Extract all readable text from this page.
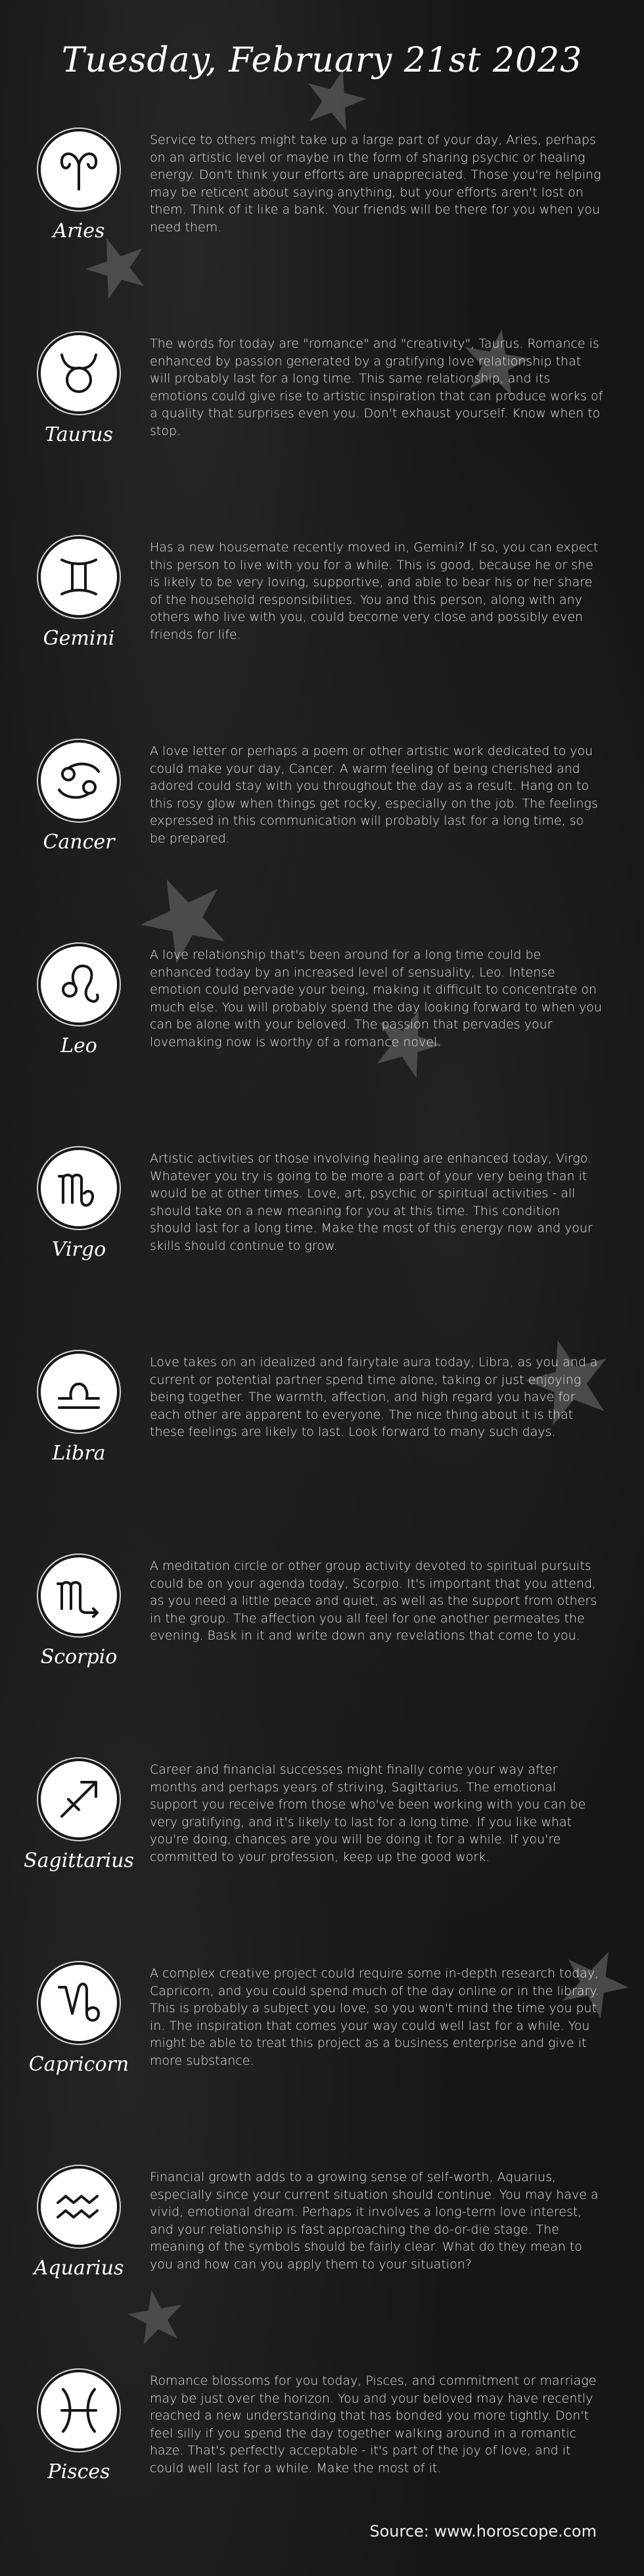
Tuesday, February 21st 2023
Aries
Service to others might take up a large part of your day, Aries, perhaps on an artistic level or maybe in the form of sharing psychic or healing energy. Don't think your efforts are unappreciated. Those you're helping may be reticent about saying anything, but your efforts aren't lost on them. Think of it like a bank. Your friends will be there for you when you need them.
Taurus
The words for today are "romance" and "creativity", Taurus. Romance is enhanced by passion generated by a gratifying love relationship that will probably last for a long time. This same relationship, and its emotions could give rise to artistic inspiration that can produce works of a quality that surprises even you. Don't exhaust yourself. Know when to stop.
Gemini
Has a new housemate recently moved in, Gemini? If so, you can expect this person to live with you for a while. This is good, because he or she is likely to be very loving, supportive, and able to bear his or her share of the household responsibilities. You and this person, along with any others who live with you, could become very close and possibly even friends for life.
Cancer
A love letter or perhaps a poem or other artistic work dedicated to you could make your day, Cancer. A warm feeling of being cherished and adored could stay with you throughout the day as a result. Hang on to this rosy glow when things get rocky, especially on the job. The feelings expressed in this communication will probably last for a long time, so be prepared.
Leo
A love relationship that's been around for a long time could be enhanced today by an increased level of sensuality, Leo. Intense emotion could pervade your being, making it difficult to concentrate on much else. You will probably spend the day looking forward to when you can be alone with your beloved. The passion that pervades your lovemaking now is worthy of a romance novel.
Virgo
Artistic activities or those involving healing are enhanced today, Virgo. Whatever you try is going to be more a part of your very being than it would be at other times. Love, art, psychic or spiritual activities - all should take on a new meaning for you at this time. This condition should last for a long time. Make the most of this energy now and your skills should continue to grow.
Libra
Love takes on an idealized and fairytale aura today, Libra, as you and a current or potential partner spend time alone, taking or just enjoying being together. The warmth, affection, and high regard you have for each other are apparent to everyone. The nice thing about it is that these feelings are likely to last. Look forward to many such days.
Scorpio
A meditation circle or other group activity devoted to spiritual pursuits could be on your agenda today, Scorpio. It's important that you attend, as you need a little peace and quiet, as well as the support from others in the group. The affection you all feel for one another permeates the evening. Bask in it and write down any revelations that come to you.
Sagittarius
Career and financial successes might finally come your way after months and perhaps years of striving, Sagittarius. The emotional support you receive from those who've been working with you can be very gratifying, and it's likely to last for a long time. If you like what you're doing, chances are you will be doing it for a while. If you're committed to your profession, keep up the good work.
Capricorn
A complex creative project could require some in-depth research today, Capricorn, and you could spend much of the day online or in the library. This is probably a subject you love, so you won't mind the time you put in. The inspiration that comes your way could well last for a while. You might be able to treat this project as a business enterprise and give it more substance.
Aquarius
Financial growth adds to a growing sense of self-worth, Aquarius, especially since your current situation should continue. You may have a vivid, emotional dream. Perhaps it involves a long-term love interest, and your relationship is fast approaching the do-or-die stage. The meaning of the symbols should be fairly clear. What do they mean to you and how can you apply them to your situation?
Pisces
Romance blossoms for you today, Pisces, and commitment or marriage may be just over the horizon. You and your beloved may have recently reached a new understanding that has bonded you more tightly. Don't feel silly if you spend the day together walking around in a romantic haze. That's perfectly acceptable - it's part of the joy of love, and it could well last for a while. Make the most of it.
Source: www.horoscope.com
